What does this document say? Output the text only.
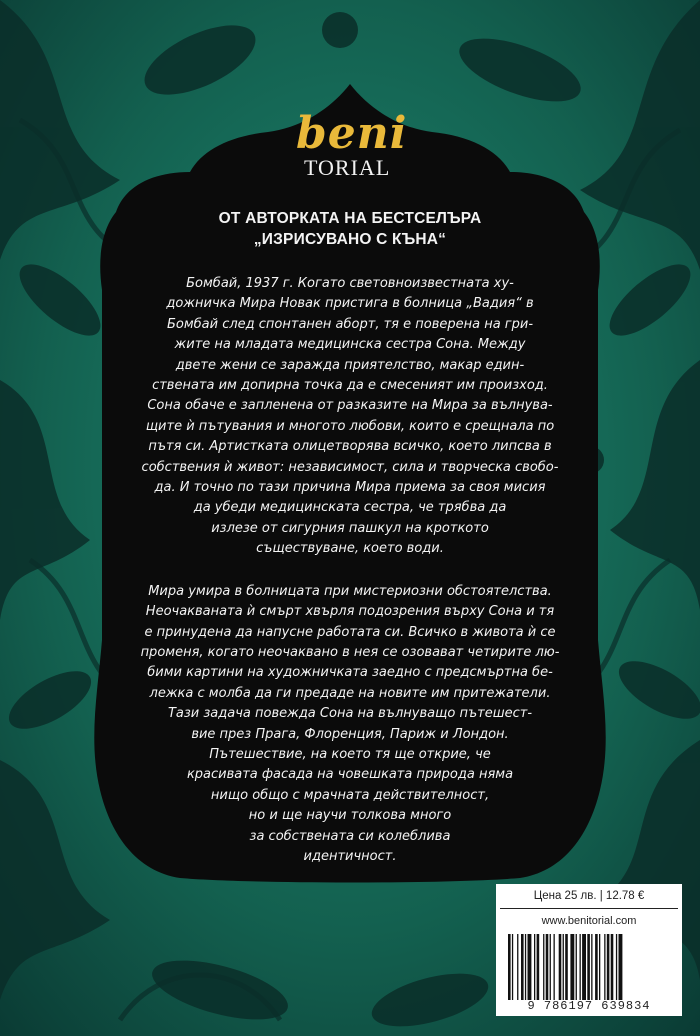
beni
TORIAL

ОТ АВТОРКАТА НА БЕСТСЕЛЪРА

„ИЗРИСУВАНО С КЪНА“

Бомбай, 1937 г. Когато световноизвестната ху-
дожничка Мира Новак пристига в болница „Вадия“ в
Бомбай след спонтанен аборт, тя е поверена на гри-
жите на младата медицинска сестра Сона. Между
двете жени се заражда приятелство, макар един-
ствената им допирна точка да е смесеният им произход.
Сона обаче е запленена от разказите на Мира за вълнува-
щите ѝ пътувания и многото любови, които е срещнала по
пътя си. Артистката олицетворява всичко, което липсва в
собствения ѝ живот: независимост, сила и творческа свобо-
да. И точно по тази причина Мира приема за своя мисия
да убеди медицинската сестра, че трябва да
излезе от сигурния пашкул на кроткото
съществуване, което води.

Мира умира в болницата при мистериозни обстоятелства.
Неочакваната ѝ смърт хвърля подозрения върху Сона и тя
е принудена да напусне работата си. Всичко в живота ѝ се
променя, когато неочаквано в нея се озовават четирите лю-
бими картини на художничката заедно с предсмъртна бе-
лежка с молба да ги предаде на новите им притежатели.
Тази задача повежда Сона на вълнуващо пътешест-
вие през Прага, Флоренция, Париж и Лондон.
Пътешествие, на което тя ще открие, че
красивата фасада на човешката природа няма
нищо общо с мрачната действителност,
но и ще научи толкова много
за собствената си колеблива
идентичност.

Цена 25 лв. | 12.78 €
www.benitorial.com
9 786197 639834
